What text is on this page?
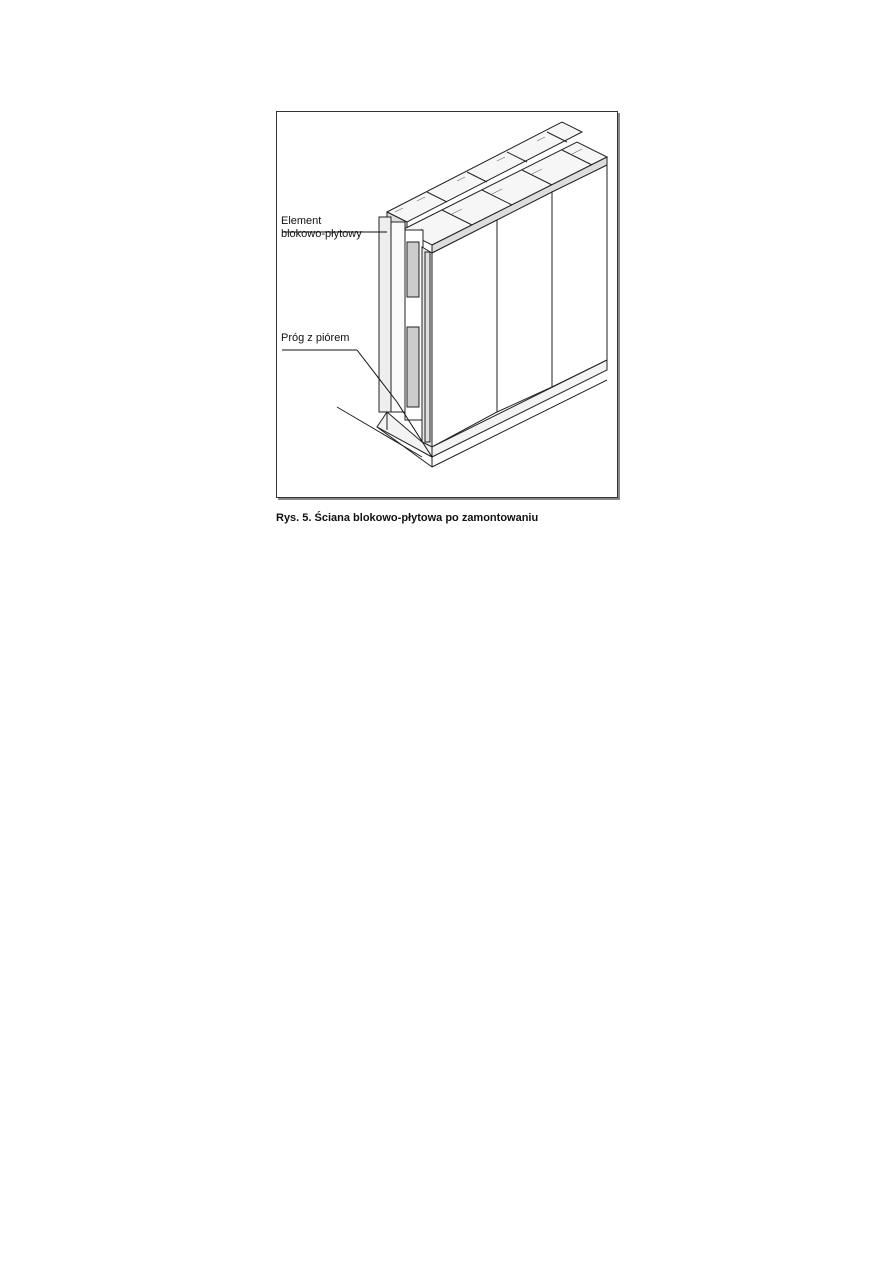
Element
blokowo-płytowy
Próg z piórem
Rys. 5. Ściana blokowo-płytowa po zamontowaniu
